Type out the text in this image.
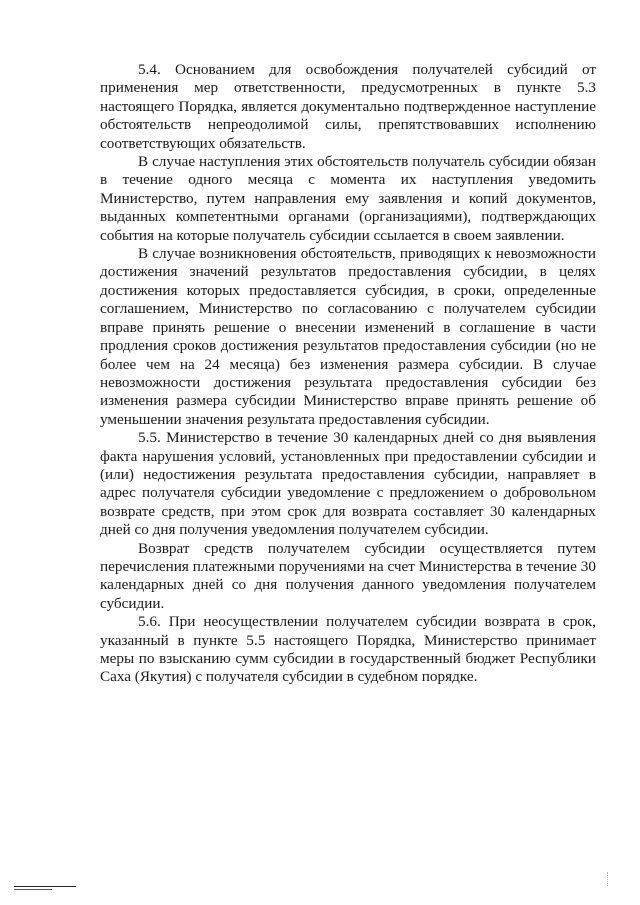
5.4. Основанием для освобождения получателей субсидий от применения мер ответственности, предусмотренных в пункте 5.3 настоящего Порядка, является документально подтвержденное наступление обстоятельств непреодолимой силы, препятствовавших исполнению соответствующих обязательств.

В случае наступления этих обстоятельств получатель субсидии обязан в течение одного месяца с момента их наступления уведомить Министерство, путем направления ему заявления и копий документов, выданных компетентными органами (организациями), подтверждающих события на которые получатель субсидии ссылается в своем заявлении.

В случае возникновения обстоятельств, приводящих к невозможности достижения значений результатов предоставления субсидии, в целях достижения которых предоставляется субсидия, в сроки, определенные соглашением, Министерство по согласованию с получателем субсидии вправе принять решение о внесении изменений в соглашение в части продления сроков достижения результатов предоставления субсидии (но не более чем на 24 месяца) без изменения размера субсидии. В случае невозможности достижения результата предоставления субсидии без изменения размера субсидии Министерство вправе принять решение об уменьшении значения результата предоставления субсидии.

5.5. Министерство в течение 30 календарных дней со дня выявления факта нарушения условий, установленных при предоставлении субсидии и (или) недостижения результата предоставления субсидии, направляет в адрес получателя субсидии уведомление с предложением о добровольном возврате средств, при этом срок для возврата составляет 30 календарных дней со дня получения уведомления получателем субсидии.

Возврат средств получателем субсидии осуществляется путем перечисления платежными поручениями на счет Министерства в течение 30 календарных дней со дня получения данного уведомления получателем субсидии.

5.6. При неосуществлении получателем субсидии возврата в срок, указанный в пункте 5.5 настоящего Порядка, Министерство принимает меры по взысканию сумм субсидии в государственный бюджет Республики Саха (Якутия) с получателя субсидии в судебном порядке.
